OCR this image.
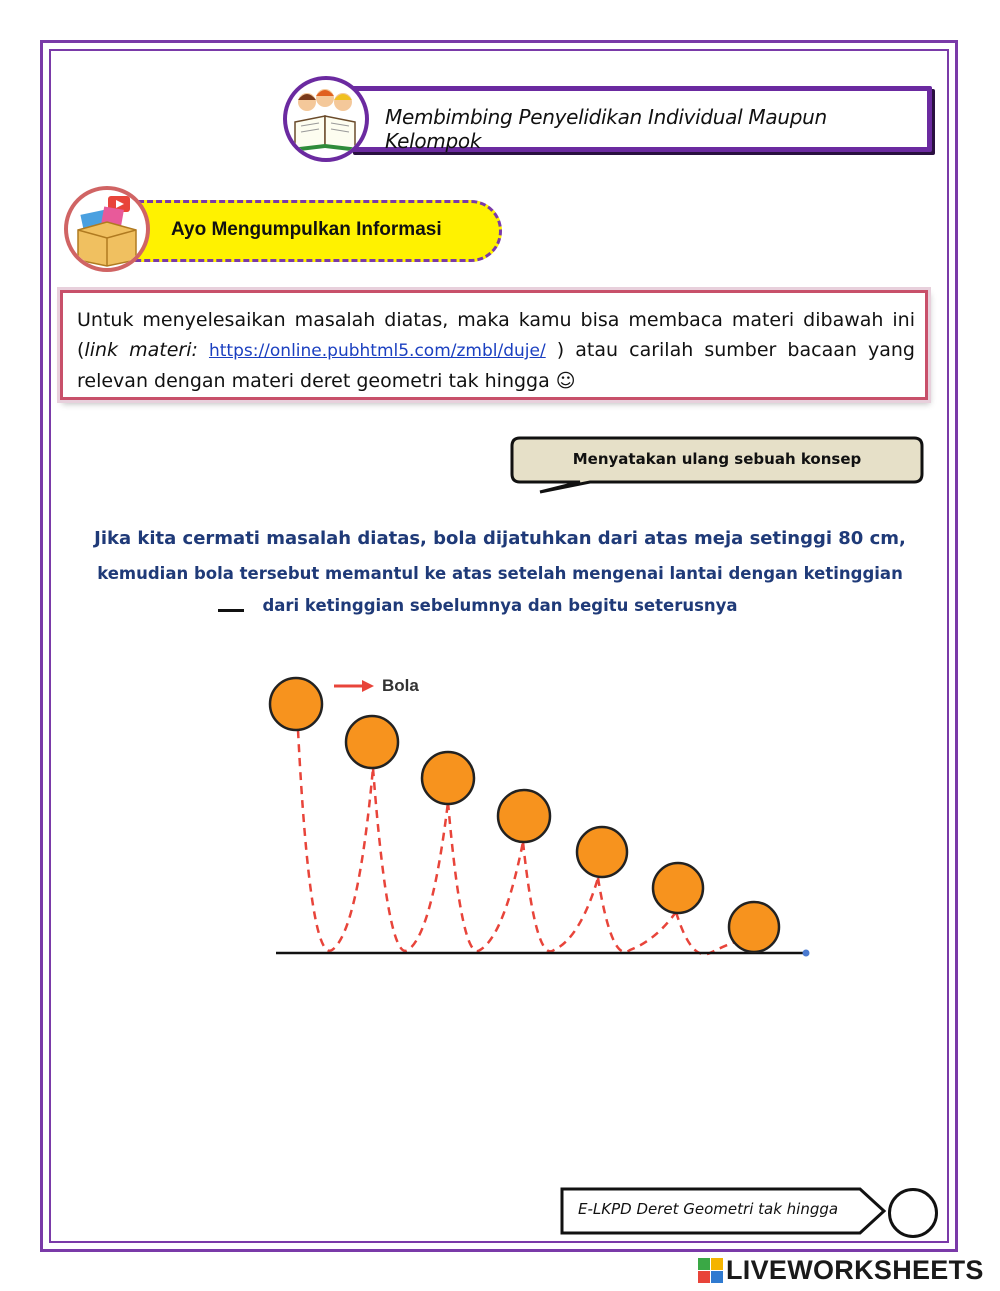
Membimbing Penyelidikan Individual Maupun Kelompok
Ayo Mengumpulkan Informasi
Untuk menyelesaikan masalah diatas, maka kamu bisa membaca materi dibawah ini (link materi: https://online.pubhtml5.com/zmbl/duje/ ) atau carilah sumber bacaan yang relevan dengan materi deret geometri tak hingga ☺
Menyatakan ulang sebuah konsep
Jika kita cermati masalah diatas, bola dijatuhkan dari atas meja setinggi 80 cm,
kemudian bola tersebut memantul ke atas setelah mengenai lantai dengan ketinggian
dari ketinggian sebelumnya dan begitu seterusnya
Bola
E-LKPD Deret Geometri tak hingga
LIVEWORKSHEETS
